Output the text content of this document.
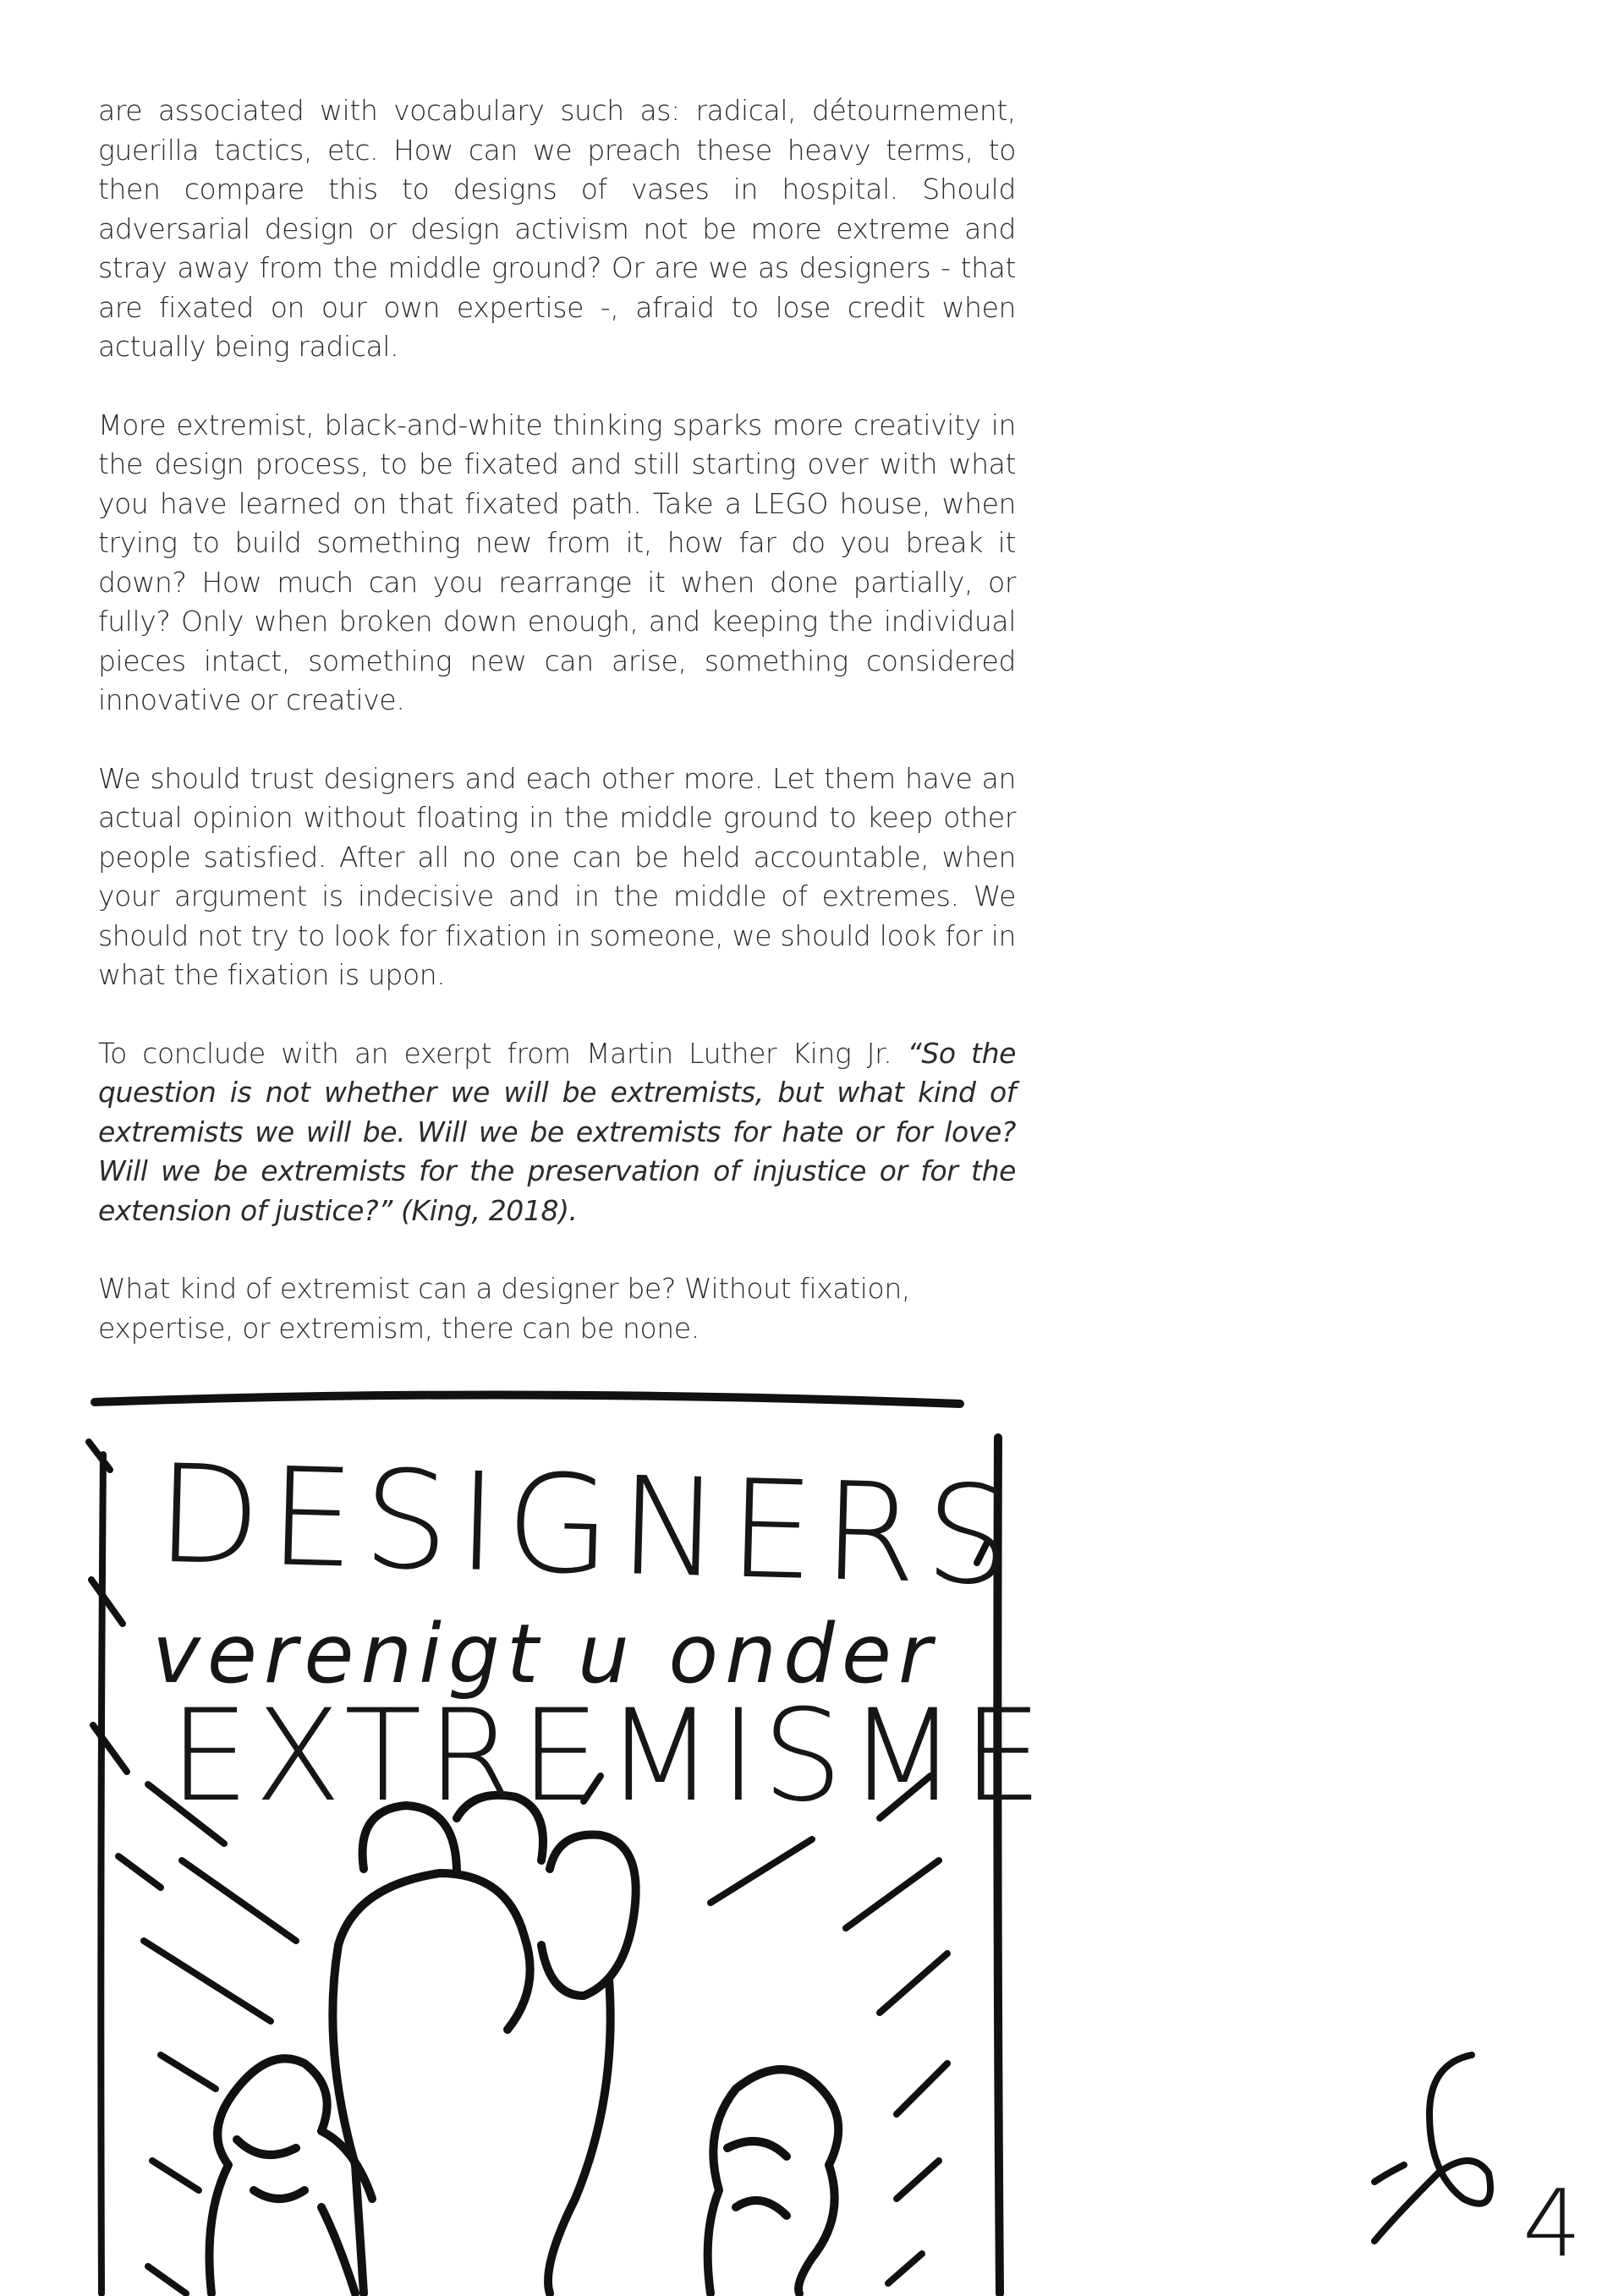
are associated with vocabulary such as: radical, détournement, guerilla tactics, etc. How can we preach these heavy terms, to then compare this to designs of vases in hospital. Should adversarial design or design activism not be more extreme and stray away from the middle ground? Or are we as designers - that are fixated on our own expertise -, afraid to lose credit when actually being radical.

More extremist, black-and-white thinking sparks more creativity in the design process, to be fixated and still starting over with what you have learned on that fixated path. Take a LEGO house, when trying to build something new from it, how far do you break it down? How much can you rearrange it when done partially, or fully? Only when broken down enough, and keeping the individual pieces intact, something new can arise, something considered innovative or creative.

We should trust designers and each other more. Let them have an actual opinion without floating in the middle ground to keep other people satisfied. After all no one can be held accountable, when your argument is indecisive and in the middle of extremes. We should not try to look for fixation in someone, we should look for in what the fixation is upon.

To conclude with an exerpt from Martin Luther King Jr. “So the question is not whether we will be extremists, but what kind of extremists we will be. Will we be extremists for hate or for love? Will we be extremists for the preservation of injustice or for the extension of justice?” (King, 2018).

What kind of extremist can a designer be? Without fixation, expertise, or extremism, there can be none.

DESIGNERS
verenigt u onder
EXTREMISME
4
